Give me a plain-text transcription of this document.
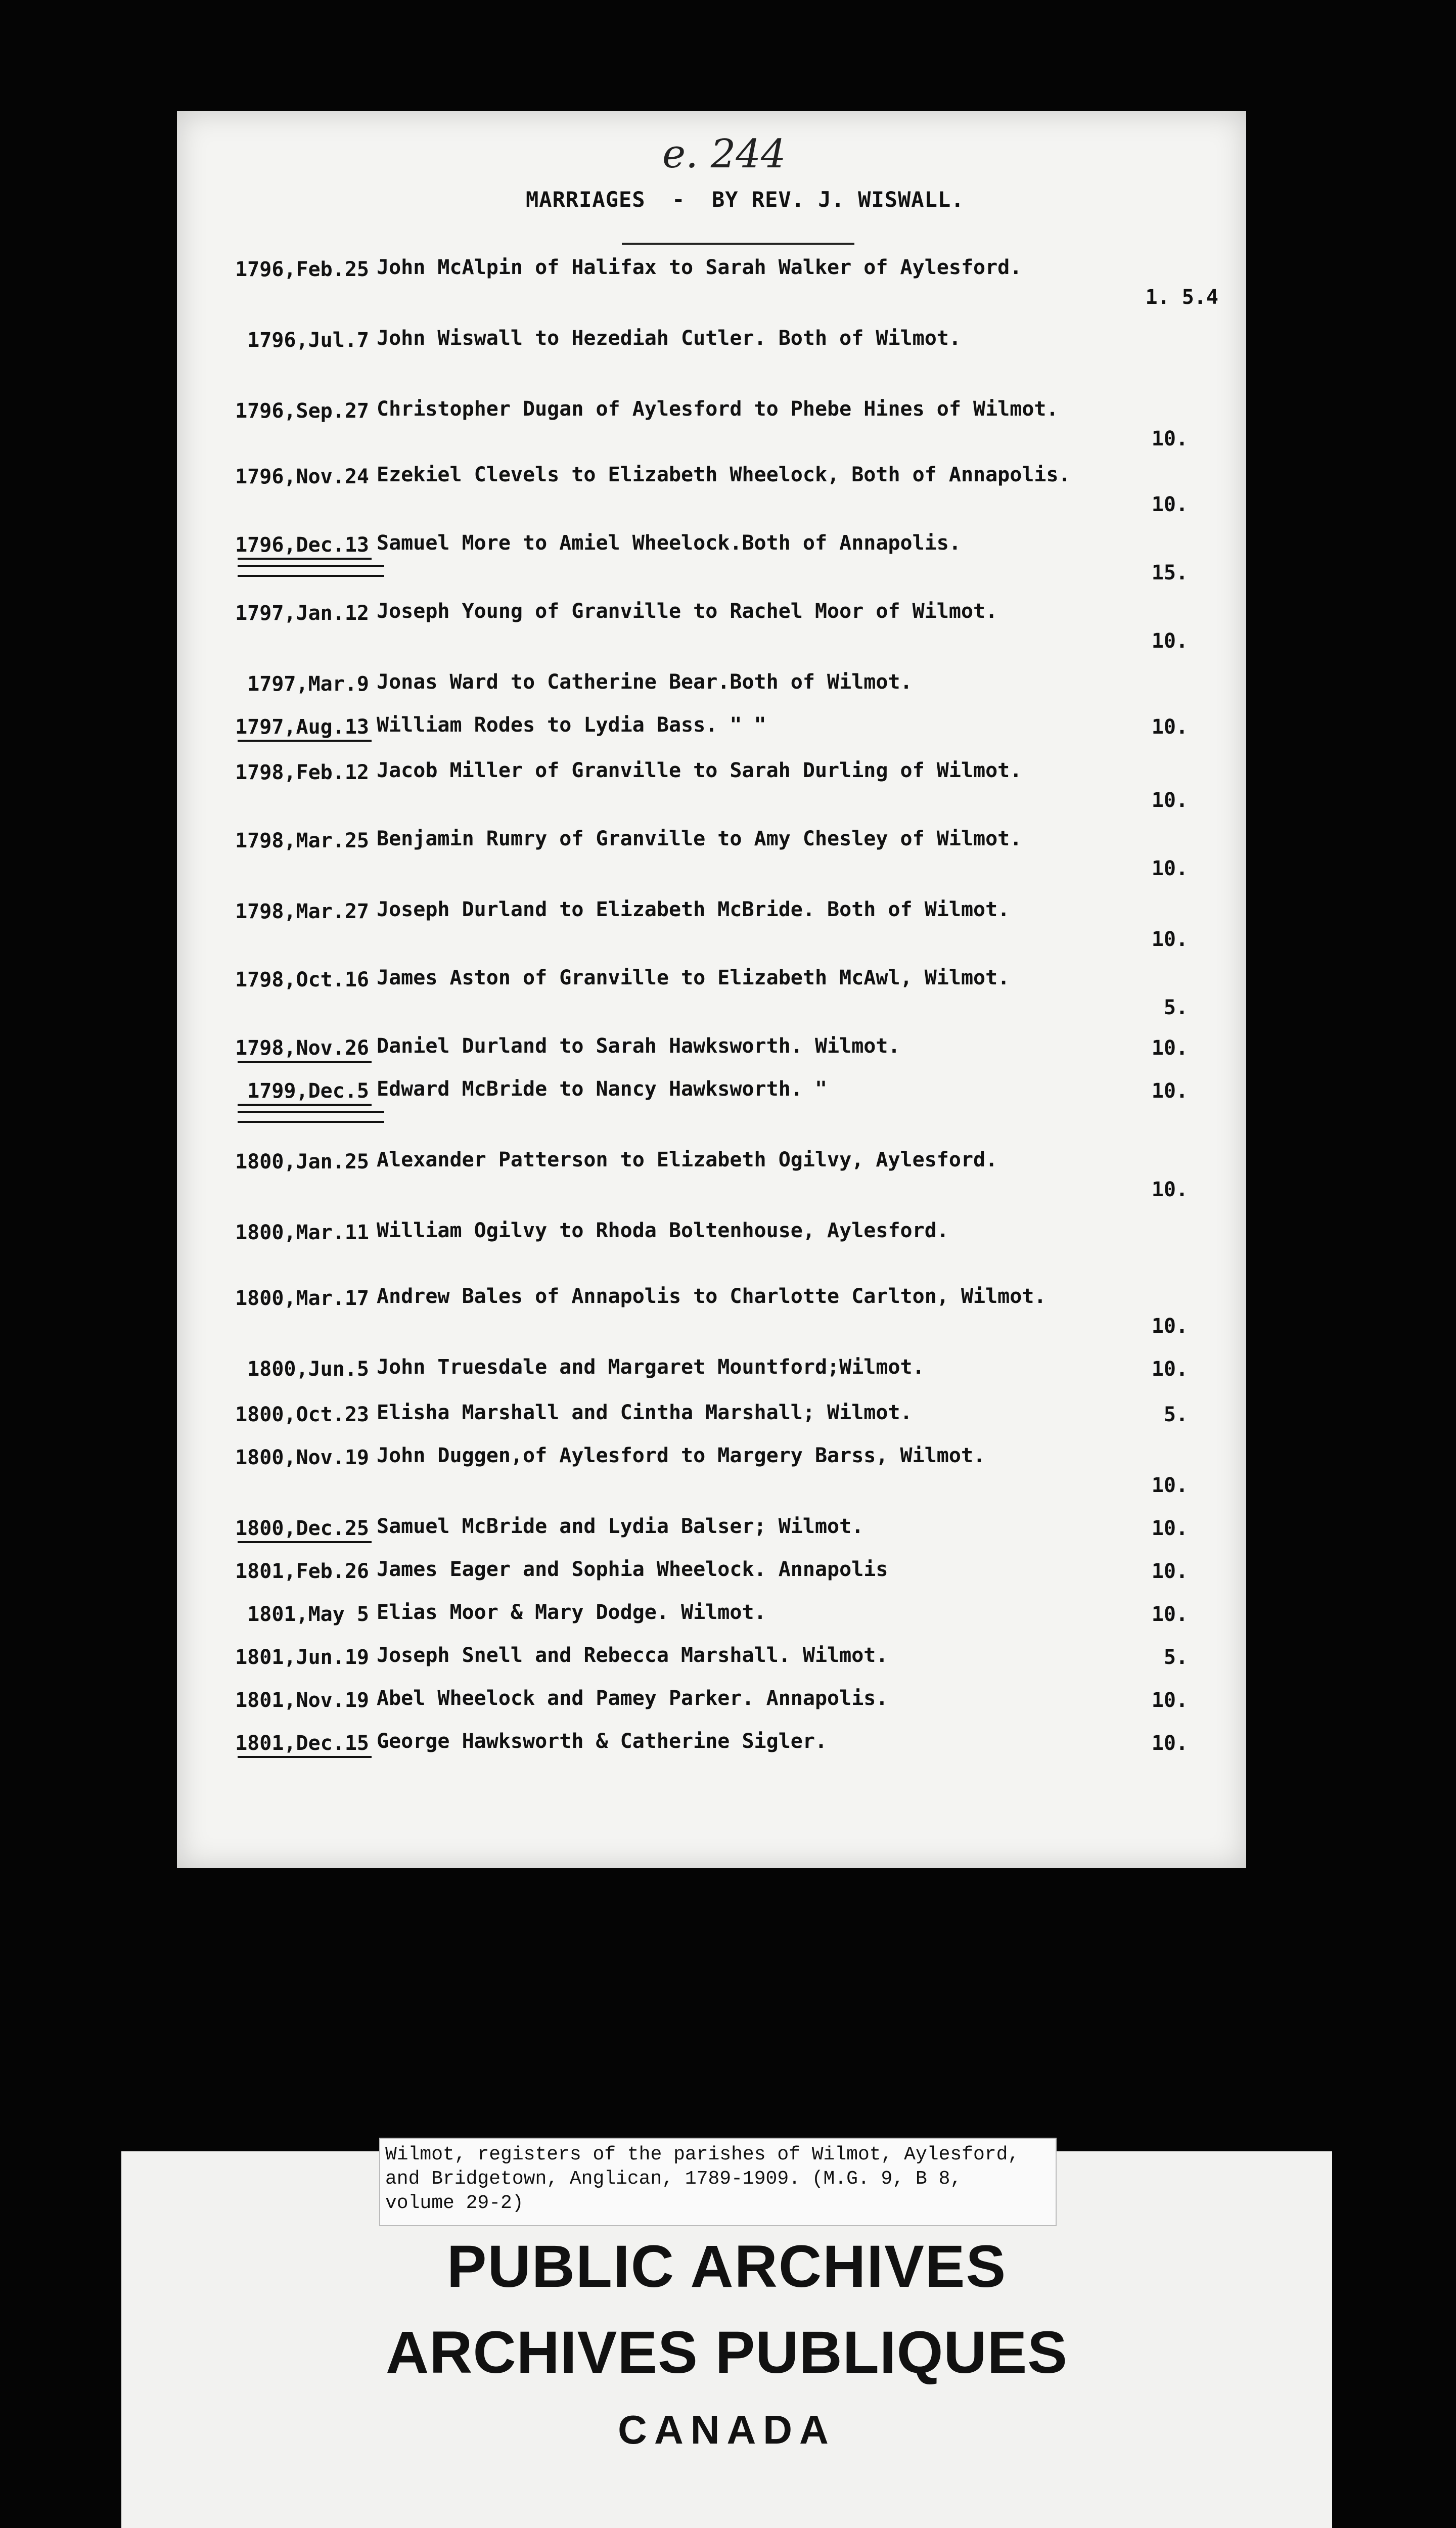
e. 244
MARRIAGES  -  BY REV. J. WISWALL.
1796,Feb.25 John McAlpin of Halifax to Sarah Walker of Aylesford.
1. 5.4
1796,Jul.7 John Wiswall to Hezediah Cutler. Both of Wilmot.
1796,Sep.27 Christopher Dugan of Aylesford to Phebe Hines of Wilmot.
10.
1796,Nov.24 Ezekiel Clevels to Elizabeth Wheelock, Both of Annapolis.
10.
1796,Dec.13 Samuel More to Amiel Wheelock.Both of Annapolis.
15.
1797,Jan.12 Joseph Young of Granville to Rachel Moor of Wilmot.
10.
1797,Mar.9 Jonas Ward to Catherine Bear.Both of Wilmot.
1797,Aug.13 William Rodes to Lydia Bass. " "	10.
1798,Feb.12 Jacob Miller of Granville to Sarah Durling of Wilmot.
10.
1798,Mar.25 Benjamin Rumry of Granville to Amy Chesley of Wilmot.
10.
1798,Mar.27 Joseph Durland to Elizabeth McBride. Both of Wilmot.
10.
1798,Oct.16 James Aston of Granville to Elizabeth McAwl, Wilmot.
5.
1798,Nov.26 Daniel Durland to Sarah Hawksworth. Wilmot.	10.
1799,Dec.5 Edward McBride to Nancy Hawksworth. "	10.
1800,Jan.25 Alexander Patterson to Elizabeth Ogilvy, Aylesford.
10.
1800,Mar.11 William Ogilvy to Rhoda Boltenhouse, Aylesford.
1800,Mar.17 Andrew Bales of Annapolis to Charlotte Carlton, Wilmot.
10.
1800,Jun.5 John Truesdale and Margaret Mountford;Wilmot.	10.
1800,Oct.23 Elisha Marshall and Cintha Marshall; Wilmot.	5.
1800,Nov.19 John Duggen,of Aylesford to Margery Barss, Wilmot.
10.
1800,Dec.25 Samuel McBride and Lydia Balser; Wilmot.	10.
1801,Feb.26 James Eager and Sophia Wheelock. Annapolis	10.
1801,May 5 Elias Moor & Mary Dodge. Wilmot.	10.
1801,Jun.19 Joseph Snell and Rebecca Marshall. Wilmot.	5.
1801,Nov.19 Abel Wheelock and Pamey Parker. Annapolis.	10.
1801,Dec.15 George Hawksworth & Catherine Sigler.	10.
Wilmot, registers of the parishes of Wilmot, Aylesford,
and Bridgetown, Anglican, 1789-1909. (M.G. 9, B 8,
volume 29-2)
PUBLIC ARCHIVES
ARCHIVES PUBLIQUES
CANADA
